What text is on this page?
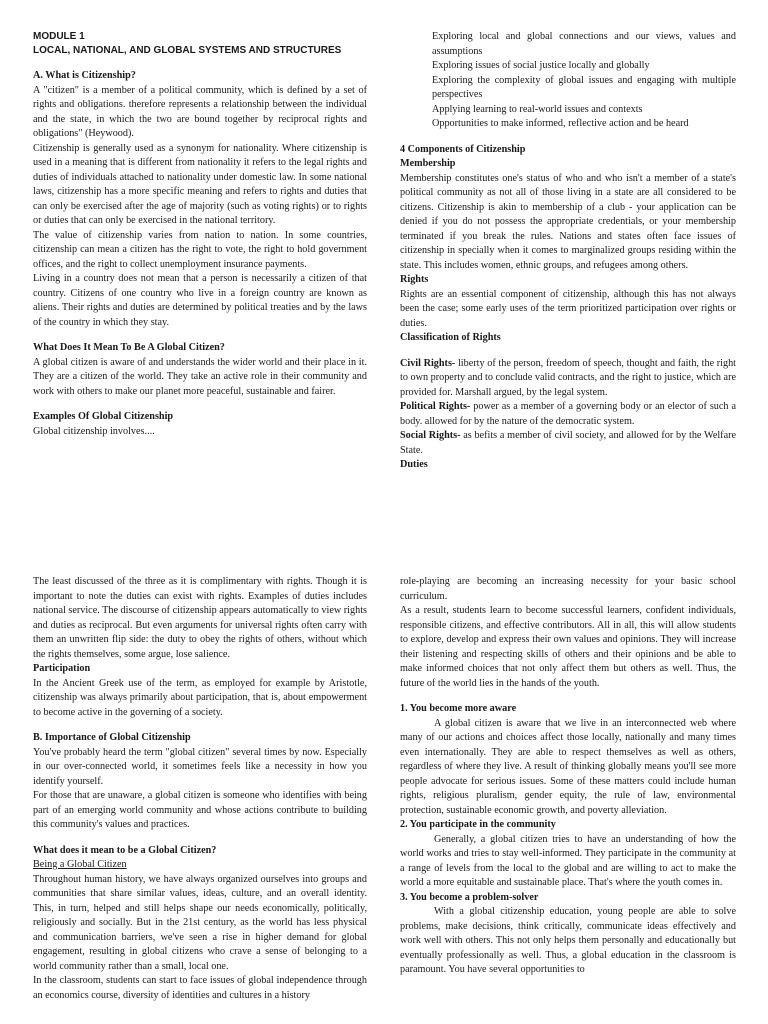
MODULE 1

LOCAL, NATIONAL, AND GLOBAL SYSTEMS AND STRUCTURES

A. What is Citizenship?

A "citizen" is a member of a political community, which is defined by a set of rights and obligations. therefore represents a relationship between the individual and the state, in which the two are bound together by reciprocal rights and obligations" (Heywood).

Citizenship is generally used as a synonym for nationality. Where citizenship is used in a meaning that is different from nationality it refers to the legal rights and duties of individuals attached to nationality under domestic law. In some national laws, citizenship has a more specific meaning and refers to rights and duties that can only be exercised after the age of majority (such as voting rights) or to rights or duties that can only be exercised in the national territory.

The value of citizenship varies from nation to nation. In some countries, citizenship can mean a citizen has the right to vote, the right to hold government offices, and the right to collect unemployment insurance payments.

Living in a country does not mean that a person is necessarily a citizen of that country. Citizens of one country who live in a foreign country are known as aliens. Their rights and duties are determined by political treaties and by the laws of the country in which they stay.

What Does It Mean To Be A Global Citizen?

A global citizen is aware of and understands the wider world and their place in it. They are a citizen of the world. They take an active role in their community and work with others to make our planet more peaceful, sustainable and fairer.

Examples Of Global Citizenship

Global citizenship involves....

Exploring local and global connections and our views, values and assumptions
Exploring issues of social justice locally and globally
Exploring the complexity of global issues and engaging with multiple perspectives
Applying learning to real-world issues and contexts
Opportunities to make informed, reflective action and be heard

4 Components of Citizenship

Membership

Membership constitutes one's status of who and who isn't a member of a state's political community as not all of those living in a state are all considered to be citizens. Citizenship is akin to membership of a club - your application can be denied if you do not possess the appropriate credentials, or your membership terminated if you break the rules. Nations and states often face issues of citizenship in specially when it comes to marginalized groups residing within the state. This includes women, ethnic groups, and refugees among others.

Rights

Rights are an essential component of citizenship, although this has not always been the case; some early uses of the term prioritized participation over rights or duties.

Classification of Rights

Civil Rights- liberty of the person, freedom of speech, thought and faith, the right to own property and to conclude valid contracts, and the right to justice, which are provided for. Marshall argued, by the legal system.

Political Rights- power as a member of a governing body or an elector of such a body. allowed for by the nature of the democratic system.

Social Rights- as befits a member of civil society, and allowed for by the Welfare State.

Duties

The least discussed of the three as it is complimentary with rights. Though it is important to note the duties can exist with rights. Examples of duties includes national service. The discourse of citizenship appears automatically to view rights and duties as reciprocal. But even arguments for universal rights often carry with them an unwritten flip side: the duty to obey the rights of others, without which the rights themselves, some argue, lose salience.

Participation

In the Ancient Greek use of the term, as employed for example by Aristotle, citizenship was always primarily about participation, that is, about empowerment to become active in the governing of a society.

B. Importance of Global Citizenship

You've probably heard the term "global citizen" several times by now. Especially in our over-connected world, it sometimes feels like a necessity in how you identify yourself.

For those that are unaware, a global citizen is someone who identifies with being part of an emerging world community and whose actions contribute to building this community's values and practices.

What does it mean to be a Global Citizen?

Being a Global Citizen

Throughout human history, we have always organized ourselves into groups and communities that share similar values, ideas, culture, and an overall identity. This, in turn, helped and still helps shape our needs economically, politically, religiously and socially. But in the 21st century, as the world has less physical and communication barriers, we've seen a rise in higher demand for global engagement, resulting in global citizens who crave a sense of belonging to a world community rather than a small, local one.

In the classroom, students can start to face issues of global independence through an economics course, diversity of identities and cultures in a history

role-playing are becoming an increasing necessity for your basic school curriculum.

As a result, students learn to become successful learners, confident individuals, responsible citizens, and effective contributors. All in all, this will allow students to explore, develop and express their own values and opinions. They will increase their listening and respecting skills of others and their opinions and be able to make informed choices that not only affect them but others as well. Thus, the future of the world lies in the hands of the youth.

1. You become more aware

A global citizen is aware that we live in an interconnected web where many of our actions and choices affect those locally, nationally and many times even internationally. They are able to respect themselves as well as others, regardless of where they live. A result of thinking globally means you'll see more people advocate for serious issues. Some of these matters could include human rights, religious pluralism, gender equity, the rule of law, environmental protection, sustainable economic growth, and poverty alleviation.

2. You participate in the community

Generally, a global citizen tries to have an understanding of how the world works and tries to stay well-informed. They participate in the community at a range of levels from the local to the global and are willing to act to make the world a more equitable and sustainable place. That's where the youth comes in.

3. You become a problem-solver

With a global citizenship education, young people are able to solve problems, make decisions, think critically, communicate ideas effectively and work well with others. This not only helps them personally and educationally but eventually professionally as well. Thus, a global education in the classroom is paramount. You have several opportunities to
